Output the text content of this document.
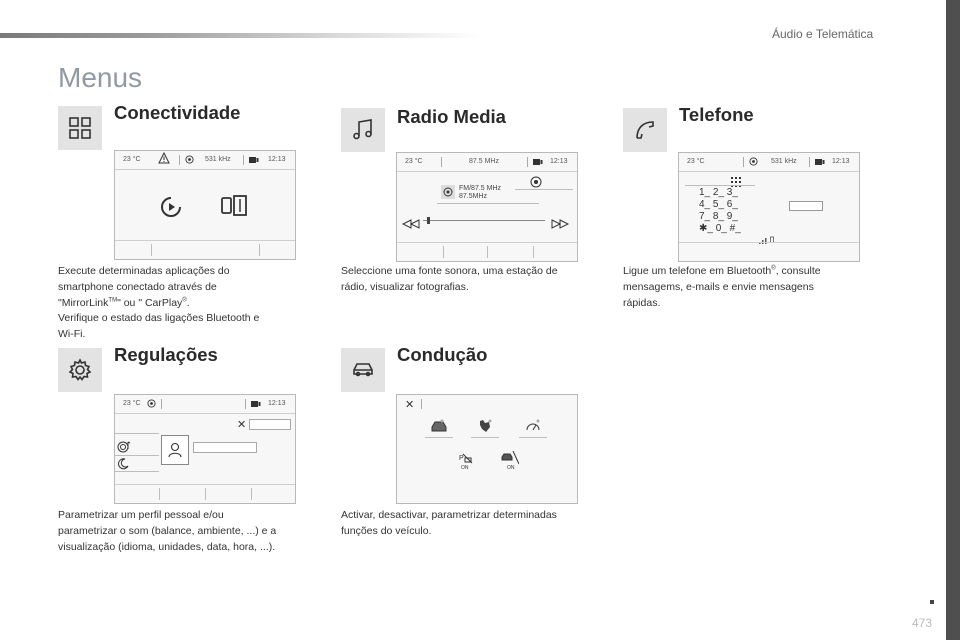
Áudio e Telemática
Menus
Conectividade
23 °C	531 kHz	12:13
Execute determinadas aplicações do
smartphone conectado através de
"MirrorLink™" ou " CarPlay®.
Verifique o estado das ligações Bluetooth e
Wi-Fi.
Radio Media
23 °C	87.5 MHz	12:13
FM/87.5 MHz
87.5MHz
Seleccione uma fonte sonora, uma estação de
rádio, visualizar fotografias.
Telefone
23 °C	531 kHz	12:13
1_ 2_ 3_
4_ 5_ 6_
7_ 8_ 9_
✱_ 0_ #_
Ligue um telefone em Bluetooth®, consulte
mensagems, e-mails e envie mensagens
rápidas.
Regulações
23 °C	12:13
✕
Parametrizar um perfil pessoal e/ou
parametrizar o som (balance, ambiente, ...) e a
visualização (idioma, unidades, data, hora, ...).
Condução
✕
P
ON	ON
Activar, desactivar, parametrizar determinadas
funções do veículo.
473
